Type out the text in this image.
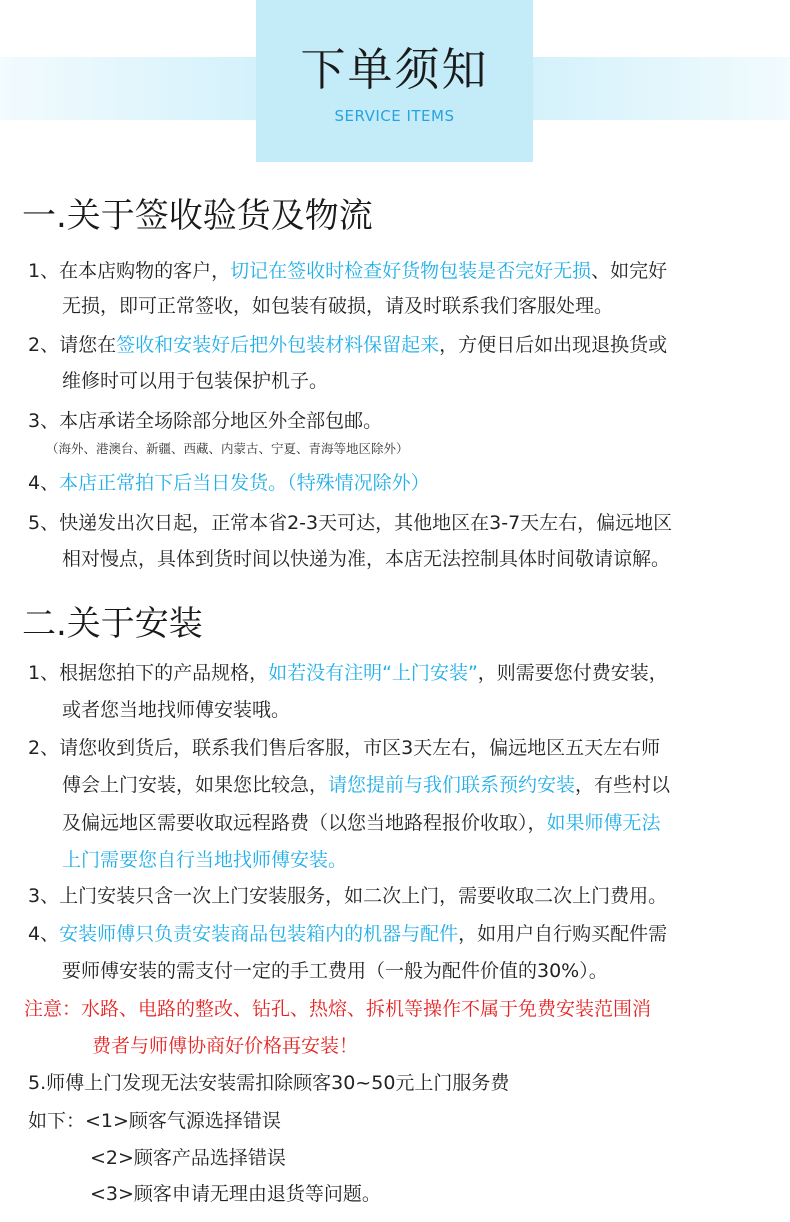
下单须知
SERVICE ITEMS
一.关于签收验货及物流
1、在本店购物的客户，切记在签收时检查好货物包装是否完好无损、如完好
无损，即可正常签收，如包装有破损，请及时联系我们客服处理。
2、请您在签收和安装好后把外包装材料保留起来，方便日后如出现退换货或
维修时可以用于包装保护机子。
3、本店承诺全场除部分地区外全部包邮。
（海外、港澳台、新疆、西藏、内蒙古、宁夏、青海等地区除外）
4、本店正常拍下后当日发货。（特殊情况除外）
5、快递发出次日起，正常本省2-3天可达，其他地区在3-7天左右，偏远地区
相对慢点，具体到货时间以快递为准，本店无法控制具体时间敬请谅解。
二.关于安装
1、根据您拍下的产品规格，如若没有注明“上门安装”，则需要您付费安装，
或者您当地找师傅安装哦。
2、请您收到货后，联系我们售后客服，市区3天左右，偏远地区五天左右师
傅会上门安装，如果您比较急，请您提前与我们联系预约安装，有些村以
及偏远地区需要收取远程路费（以您当地路程报价收取），如果师傅无法
上门需要您自行当地找师傅安装。
3、上门安装只含一次上门安装服务，如二次上门，需要收取二次上门费用。
4、安装师傅只负责安装商品包装箱内的机器与配件，如用户自行购买配件需
要师傅安装的需支付一定的手工费用（一般为配件价值的30%）。
注意：水路、电路的整改、钻孔、热熔、拆机等操作不属于免费安装范围消
费者与师傅协商好价格再安装！
5.师傅上门发现无法安装需扣除顾客30~50元上门服务费
如下：<1>顾客气源选择错误
<2>顾客产品选择错误
<3>顾客申请无理由退货等问题。
